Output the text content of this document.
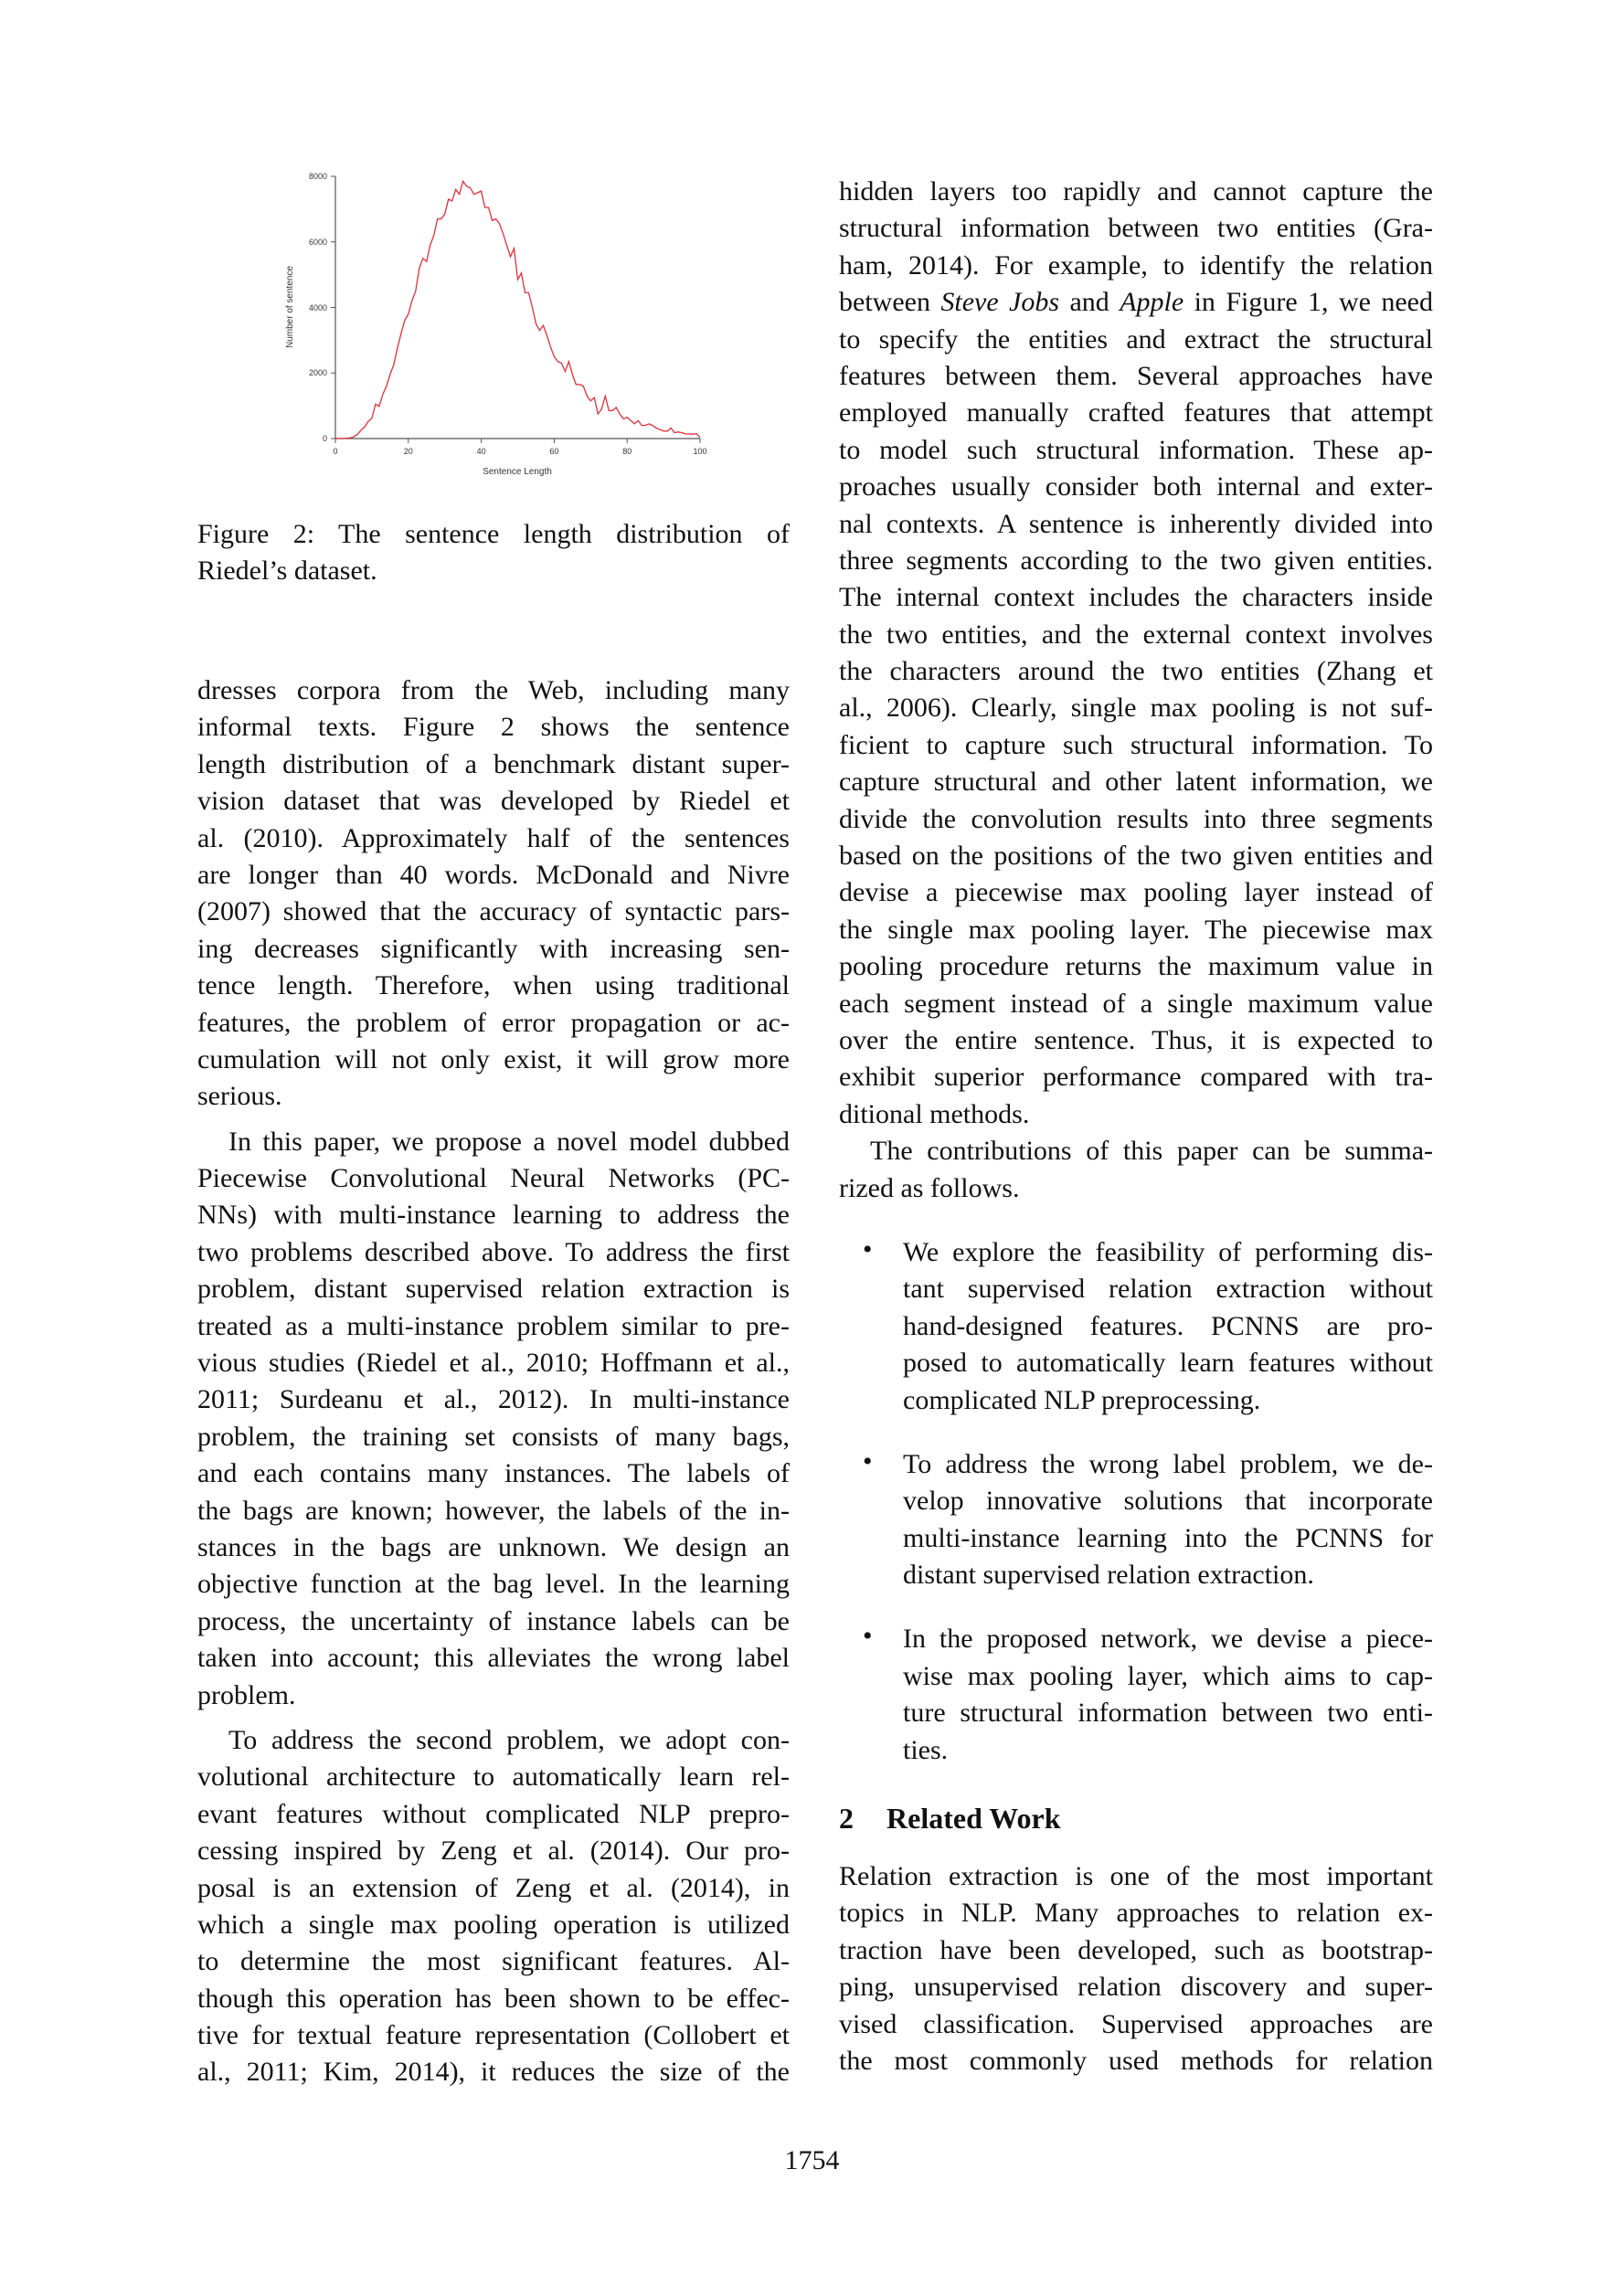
8000
6000
4000
2000
0
Number of sentence
0	20	40	60	80	100
Sentence Length
Figure 2: The sentence length distribution of
Riedel’s dataset.
dresses corpora from the Web, including many
informal texts. Figure 2 shows the sentence
length distribution of a benchmark distant super-
vision dataset that was developed by Riedel et
al. (2010). Approximately half of the sentences
are longer than 40 words. McDonald and Nivre
(2007) showed that the accuracy of syntactic pars-
ing decreases significantly with increasing sen-
tence length. Therefore, when using traditional
features, the problem of error propagation or ac-
cumulation will not only exist, it will grow more
serious.
In this paper, we propose a novel model dubbed
Piecewise Convolutional Neural Networks (PC-
NNs) with multi-instance learning to address the
two problems described above. To address the first
problem, distant supervised relation extraction is
treated as a multi-instance problem similar to pre-
vious studies (Riedel et al., 2010; Hoffmann et al.,
2011; Surdeanu et al., 2012). In multi-instance
problem, the training set consists of many bags,
and each contains many instances. The labels of
the bags are known; however, the labels of the in-
stances in the bags are unknown. We design an
objective function at the bag level. In the learning
process, the uncertainty of instance labels can be
taken into account; this alleviates the wrong label
problem.
To address the second problem, we adopt con-
volutional architecture to automatically learn rel-
evant features without complicated NLP prepro-
cessing inspired by Zeng et al. (2014). Our pro-
posal is an extension of Zeng et al. (2014), in
which a single max pooling operation is utilized
to determine the most significant features. Al-
though this operation has been shown to be effec-
tive for textual feature representation (Collobert et
al., 2011; Kim, 2014), it reduces the size of the
hidden layers too rapidly and cannot capture the
structural information between two entities (Gra-
ham, 2014). For example, to identify the relation
between Steve Jobs and Apple in Figure 1, we need
to specify the entities and extract the structural
features between them. Several approaches have
employed manually crafted features that attempt
to model such structural information. These ap-
proaches usually consider both internal and exter-
nal contexts. A sentence is inherently divided into
three segments according to the two given entities.
The internal context includes the characters inside
the two entities, and the external context involves
the characters around the two entities (Zhang et
al., 2006). Clearly, single max pooling is not suf-
ficient to capture such structural information. To
capture structural and other latent information, we
divide the convolution results into three segments
based on the positions of the two given entities and
devise a piecewise max pooling layer instead of
the single max pooling layer. The piecewise max
pooling procedure returns the maximum value in
each segment instead of a single maximum value
over the entire sentence. Thus, it is expected to
exhibit superior performance compared with tra-
ditional methods.
The contributions of this paper can be summa-
rized as follows.
• We explore the feasibility of performing dis-
tant supervised relation extraction without
hand-designed features. PCNNS are pro-
posed to automatically learn features without
complicated NLP preprocessing.
• To address the wrong label problem, we de-
velop innovative solutions that incorporate
multi-instance learning into the PCNNS for
distant supervised relation extraction.
• In the proposed network, we devise a piece-
wise max pooling layer, which aims to cap-
ture structural information between two enti-
ties.
2 Related Work
Relation extraction is one of the most important
topics in NLP. Many approaches to relation ex-
traction have been developed, such as bootstrap-
ping, unsupervised relation discovery and super-
vised classification. Supervised approaches are
the most commonly used methods for relation
1754
